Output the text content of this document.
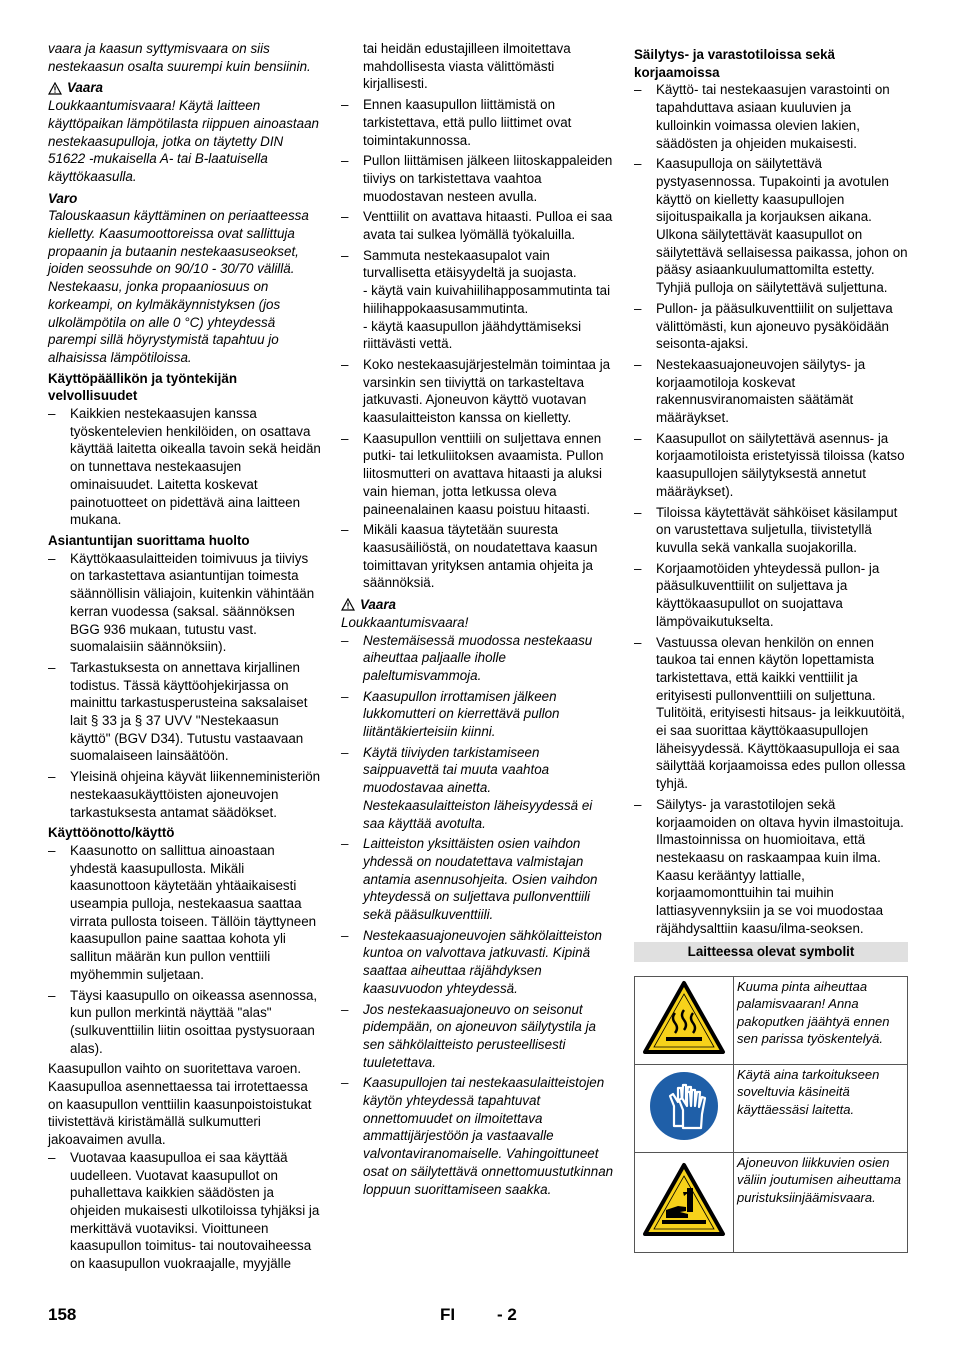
vaara ja kaasun syttymisvaara on siis nestekaasun osalta suurempi kuin bensiinin.

Vaara

Loukkaantumisvaara! Käytä laitteen käyttöpaikan lämpötilasta riippuen ainoastaan nestekaasupulloja, jotka on täytetty DIN 51622 -mukaisella A- tai B-laatuisella käyttökaasulla.

Varo

Talouskaasun käyttäminen on periaatteessa kielletty. Kaasumoottoreissa ovat sallittuja propaanin ja butaanin nestekaasuseokset, joiden seossuhde on 90/10 - 30/70 välillä. Nestekaasu, jonka propaaniosuus on korkeampi, on kylmäkäynnistyksen (jos ulkolämpötila on alle 0 °C) yhteydessä parempi sillä höyrystymistä tapahtuu jo alhaisissa lämpötiloissa.

Käyttöpäällikön ja työntekijän velvollisuudet

– Kaikkien nestekaasujen kanssa työskentelevien henkilöiden, on osattava käyttää laitetta oikealla tavoin sekä heidän on tunnettava nestekaasujen ominaisuudet. Laitetta koskevat painotuotteet on pidettävä aina laitteen mukana.

Asiantuntijan suorittama huolto

– Käyttökaasulaitteiden toimivuus ja tiiviys on tarkastettava asiantuntijan toimesta säännöllisin väliajoin, kuitenkin vähintään kerran vuodessa (saksal. säännöksen BGG 936 mukaan, tutustu vast. suomalaisiin säännöksiin).
– Tarkastuksesta on annettava kirjallinen todistus. Tässä käyttöohjekirjassa on mainittu tarkastusperusteina saksalaiset lait § 33 ja § 37 UVV "Nestekaasun käyttö" (BGV D34). Tutustu vastaavaan suomalaiseen lainsäätöön.
– Yleisinä ohjeina käyvät liikenneministeriön nestekaasukäyttöisten ajoneuvojen tarkastuksesta antamat säädökset.

Käyttöönotto/käyttö

– Kaasunotto on sallittua ainoastaan yhdestä kaasupullosta. Mikäli kaasunottoon käytetään yhtäaikaisesti useampia pulloja, nestekaasua saattaa virrata pullosta toiseen. Tällöin täyttyneen kaasupullon paine saattaa kohota yli sallitun määrän kun pullon venttiili myöhemmin suljetaan.
– Täysi kaasupullo on oikeassa asennossa, kun pullon merkintä näyttää "alas" (sulkuventtiilin liitin osoittaa pystysuoraan alas).

Kaasupullon vaihto on suoritettava varoen. Kaasupulloa asennettaessa tai irrotettaessa on kaasupullon venttiilin kaasunpoistoistukat tiivistettävä kiristämällä sulkumutteri jakoavaimen avulla.

– Vuotavaa kaasupulloa ei saa käyttää uudelleen. Vuotavat kaasupullot on puhallettava kaikkien säädösten ja ohjeiden mukaisesti ulkotiloissa tyhjäksi ja merkittävä vuotaviksi. Vioittuneen kaasupullon toimitus- tai noutovaiheessa on kaasupullon vuokraajalle, myyjälle

tai heidän edustajilleen ilmoitettava mahdollisesta viasta välittömästi kirjallisesti.

– Ennen kaasupullon liittämistä on tarkistettava, että pullo liittimet ovat toimintakunnossa.
– Pullon liittämisen jälkeen liitoskappaleiden tiiviys on tarkistettava vaahtoa muodostavan nesteen avulla.
– Venttiilit on avattava hitaasti. Pulloa ei saa avata tai sulkea lyömällä työkaluilla.
– Sammuta nestekaasupalot vain turvallisetta etäisyydeltä ja suojasta.
- käytä vain kuivahiilihapposammutinta tai hiilihappokaasusammutinta.
- käytä kaasupullon jäähdyttämiseksi riittävästi vettä.
– Koko nestekaasujärjestelmän toimintaa ja varsinkin sen tiiviyttä on tarkasteltava jatkuvasti. Ajoneuvon käyttö vuotavan kaasulaitteiston kanssa on kielletty.
– Kaasupullon venttiili on suljettava ennen putki- tai letkuliitoksen avaamista. Pullon liitosmutteri on avattava hitaasti ja aluksi vain hieman, jotta letkussa oleva paineenalainen kaasu poistuu hitaasti.
– Mikäli kaasua täytetään suuresta kaasusäiliöstä, on noudatettava kaasun toimittavan yrityksen antamia ohjeita ja säännöksiä.
Vaara

Loukkaantumisvaara!

– Nestemäisessä muodossa nestekaasu aiheuttaa paljaalle iholle paleltumisvammoja.
– Kaasupullon irrottamisen jälkeen lukkomutteri on kierrettävä pullon liitäntäkierteisiin kiinni.
– Käytä tiiviyden tarkistamiseen saippuavettä tai muuta vaahtoa muodostavaa ainetta. Nestekaasulaitteiston läheisyydessä ei saa käyttää avotulta.
– Laitteiston yksittäisten osien vaihdon yhdessä on noudatettava valmistajan antamia asennusohjeita. Osien vaihdon yhteydessä on suljettava pullonventtiili sekä pääsulkuventtiili.
– Nestekaasuajoneuvojen sähkölaitteiston kuntoa on valvottava jatkuvasti. Kipinä saattaa aiheuttaa räjähdyksen kaasuvuodon yhteydessä.
– Jos nestekaasuajoneuvo on seisonut pidempään, on ajoneuvon säilytystila ja sen sähkölaitteisto perusteellisesti tuuletettava.
– Kaasupullojen tai nestekaasulaitteistojen käytön yhteydessä tapahtuvat onnettomuudet on ilmoitettava ammattijärjestöön ja vastaavalle valvontaviranomaiselle. Vahingoittuneet osat on säilytettävä onnettomuustutkinnan loppuun suorittamiseen saakka.

Säilytys- ja varastotiloissa sekä korjaamoissa

– Käyttö- tai nestekaasujen varastointi on tapahduttava asiaan kuuluvien ja kulloinkin voimassa olevien lakien, säädösten ja ohjeiden mukaisesti.
– Kaasupulloja on säilytettävä pystyasennossa. Tupakointi ja avotulen käyttö on kielletty kaasupullojen sijoituspaikalla ja korjauksen aikana. Ulkona säilytettävät kaasupullot on säilytettävä sellaisessa paikassa, johon on pääsy asiaankuulumattomilta estetty. Tyhjiä pulloja on säilytettävä suljettuna.
– Pullon- ja pääsulkuventtiilit on suljettava välittömästi, kun ajoneuvo pysäköidään seisonta-ajaksi.
– Nestekaasuajoneuvojen säilytys- ja korjaamotiloja koskevat rakennusviranomaisten säätämät määräykset.
– Kaasupullot on säilytettävä asennus- ja korjaamotiloista eristetyissä tiloissa (katso kaasupullojen säilytyksestä annetut määräykset).
– Tiloissa käytettävät sähköiset käsilamput on varustettava suljetulla, tiivistetyllä kuvulla sekä vankalla suojakorilla.
– Korjaamotöiden yhteydessä pullon- ja pääsulkuventtiilit on suljettava ja käyttökaasupullot on suojattava lämpövaikutukselta.
– Vastuussa olevan henkilön on ennen taukoa tai ennen käytön lopettamista tarkistettava, että kaikki venttiilit ja erityisesti pullonventtiili on suljettuna. Tulitöitä, erityisesti hitsaus- ja leikkuutöitä, ei saa suorittaa käyttökaasupullojen läheisyydessä. Käyttökaasupulloja ei saa säilyttää korjaamoissa edes pullon ollessa tyhjä.
– Säilytys- ja varastotilojen sekä korjaamoiden on oltava hyvin ilmastoituja. Ilmastoinnissa on huomioitava, että nestekaasu on raskaampaa kuin ilma. Kaasu kerääntyy lattialle, korjaamomonttuihin tai muihin lattiasyvennyksiin ja se voi muodostaa räjähdysalttiin kaasu/ilma-seoksen.
Laitteessa olevat symbolit
	Kuuma pinta aiheuttaa palamisvaaran! Anna pakoputken jäähtyä ennen sen parissa työskentelyä.
	Käytä aina tarkoitukseen soveltuvia käsineitä käyttäessäsi laitetta.
	Ajoneuvon liikkuvien osien väliin joutumisen aiheuttama puristuksiinjäämisvaara.
158	FI - 2
